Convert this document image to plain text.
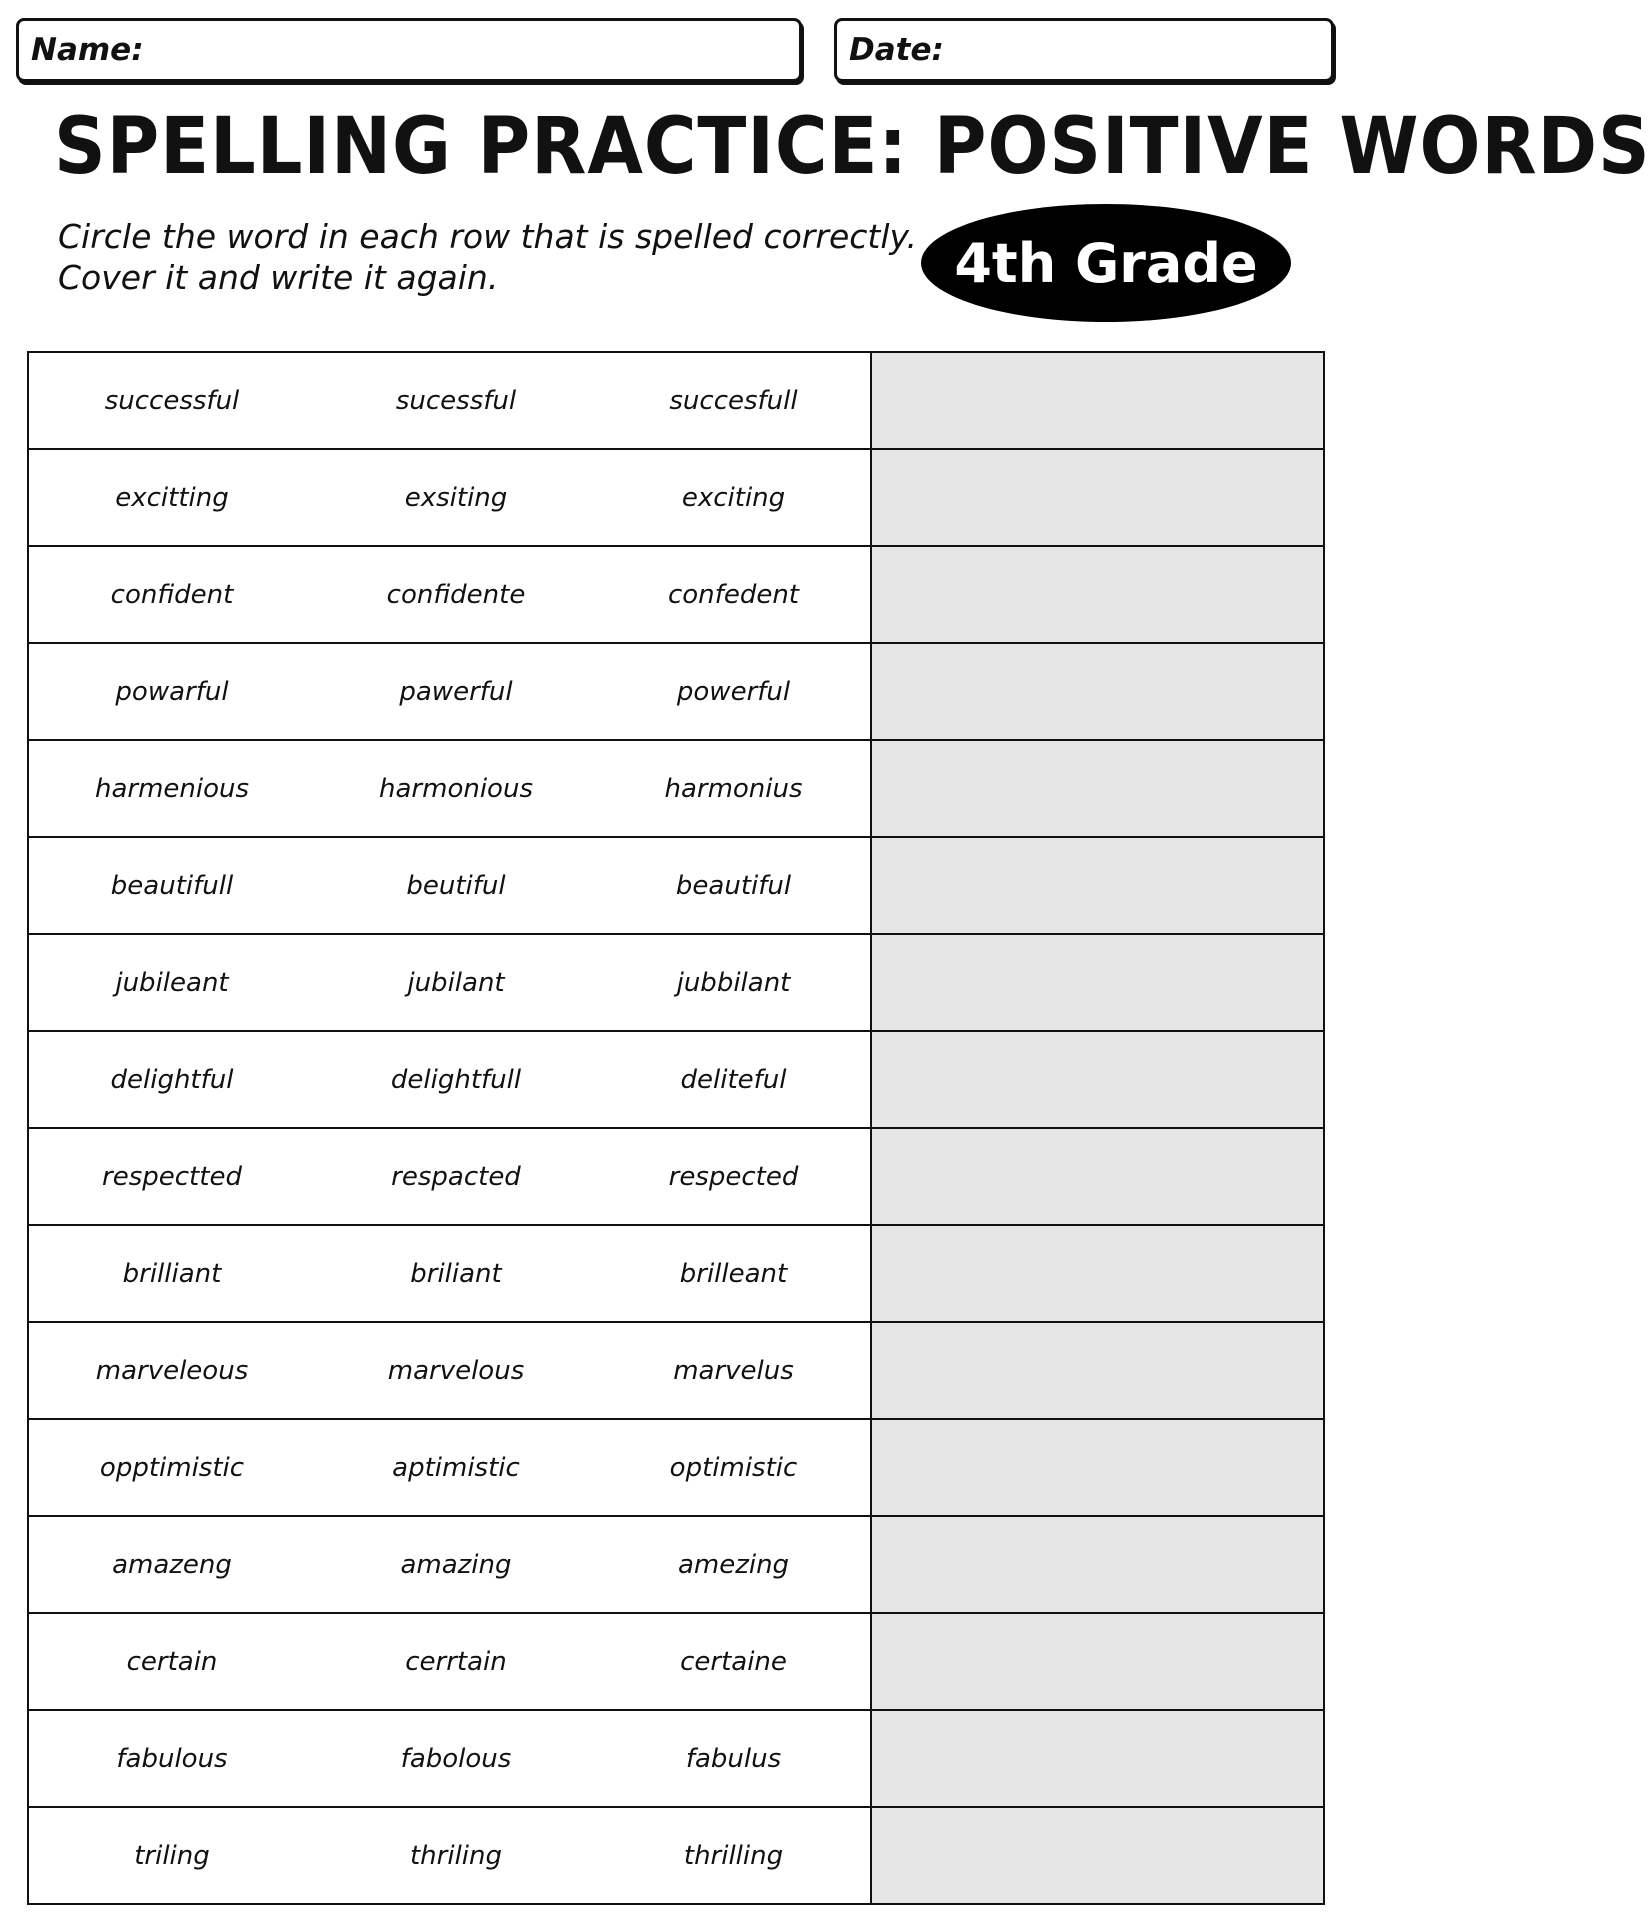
Name:	Date:
SPELLING PRACTICE: POSITIVE WORDS
Circle the word in each row that is spelled correctly.
Cover it and write it again.	4th Grade
successful	sucessful	succesfull
excitting	exsiting	exciting
confident	confidente	confedent
powarful	pawerful	powerful
harmenious	harmonious	harmonius
beautifull	beutiful	beautiful
jubileant	jubilant	jubbilant
delightful	delightfull	deliteful
respectted	respacted	respected
brilliant	briliant	brilleant
marveleous	marvelous	marvelus
opptimistic	aptimistic	optimistic
amazeng	amazing	amezing
certain	cerrtain	certaine
fabulous	fabolous	fabulus
triling	thriling	thrilling
